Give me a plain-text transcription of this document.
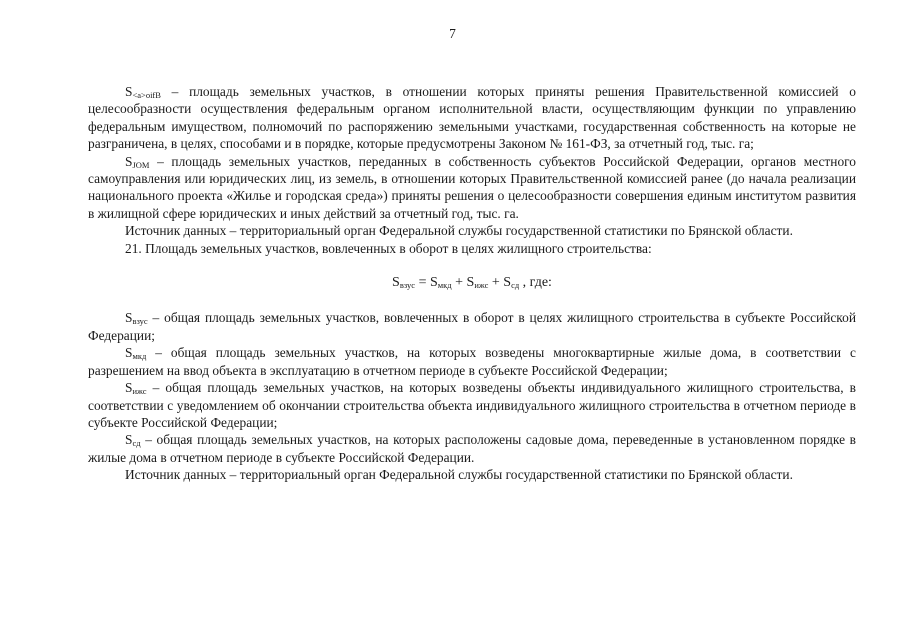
7

$S_{<a>oifB}$ – площадь земельных участков, в отношении которых приняты решения Правительственной комиссией о целесообразности осуществления федеральным органом исполнительной власти, осуществляющим функции по управлению федеральным имуществом, полномочий по распоряжению земельными участками, государственная собственность на которые не разграничена, в целях, способами и в порядке, которые предусмотрены Законом № 161-ФЗ, за отчетный год, тыс. га;

$S_{ЈОМ}$ – площадь земельных участков, переданных в собственность субъектов Российской Федерации, органов местного самоуправления или юридических лиц, из земель, в отношении которых Правительственной комиссией ранее (до начала реализации национального проекта «Жилье и городская среда») приняты решения о целесообразности совершения единым институтом развития в жилищной сфере юридических и иных действий за отчетный год, тыс. га.

Источник данных – территориальный орган Федеральной службы государственной статистики по Брянской области.

21. Площадь земельных участков, вовлеченных в оборот в целях жилищного строительства:

$S_{взус} = S_{мкд} + S_{ижс} + S_{сд}$ , где:

$S_{взус}$ – общая площадь земельных участков, вовлеченных в оборот в целях жилищного строительства в субъекте Российской Федерации;

$S_{мкд}$ – общая площадь земельных участков, на которых возведены многоквартирные жилые дома, в соответствии с разрешением на ввод объекта в эксплуатацию в отчетном периоде в субъекте Российской Федерации;

$S_{ижс}$ – общая площадь земельных участков, на которых возведены объекты индивидуального жилищного строительства, в соответствии с уведомлением об окончании строительства объекта индивидуального жилищного строительства в отчетном периоде в субъекте Российской Федерации;

$S_{сд}$ – общая площадь земельных участков, на которых расположены садовые дома, переведенные в установленном порядке в жилые дома в отчетном периоде в субъекте Российской Федерации.

Источник данных – территориальный орган Федеральной службы государственной статистики по Брянской области.
